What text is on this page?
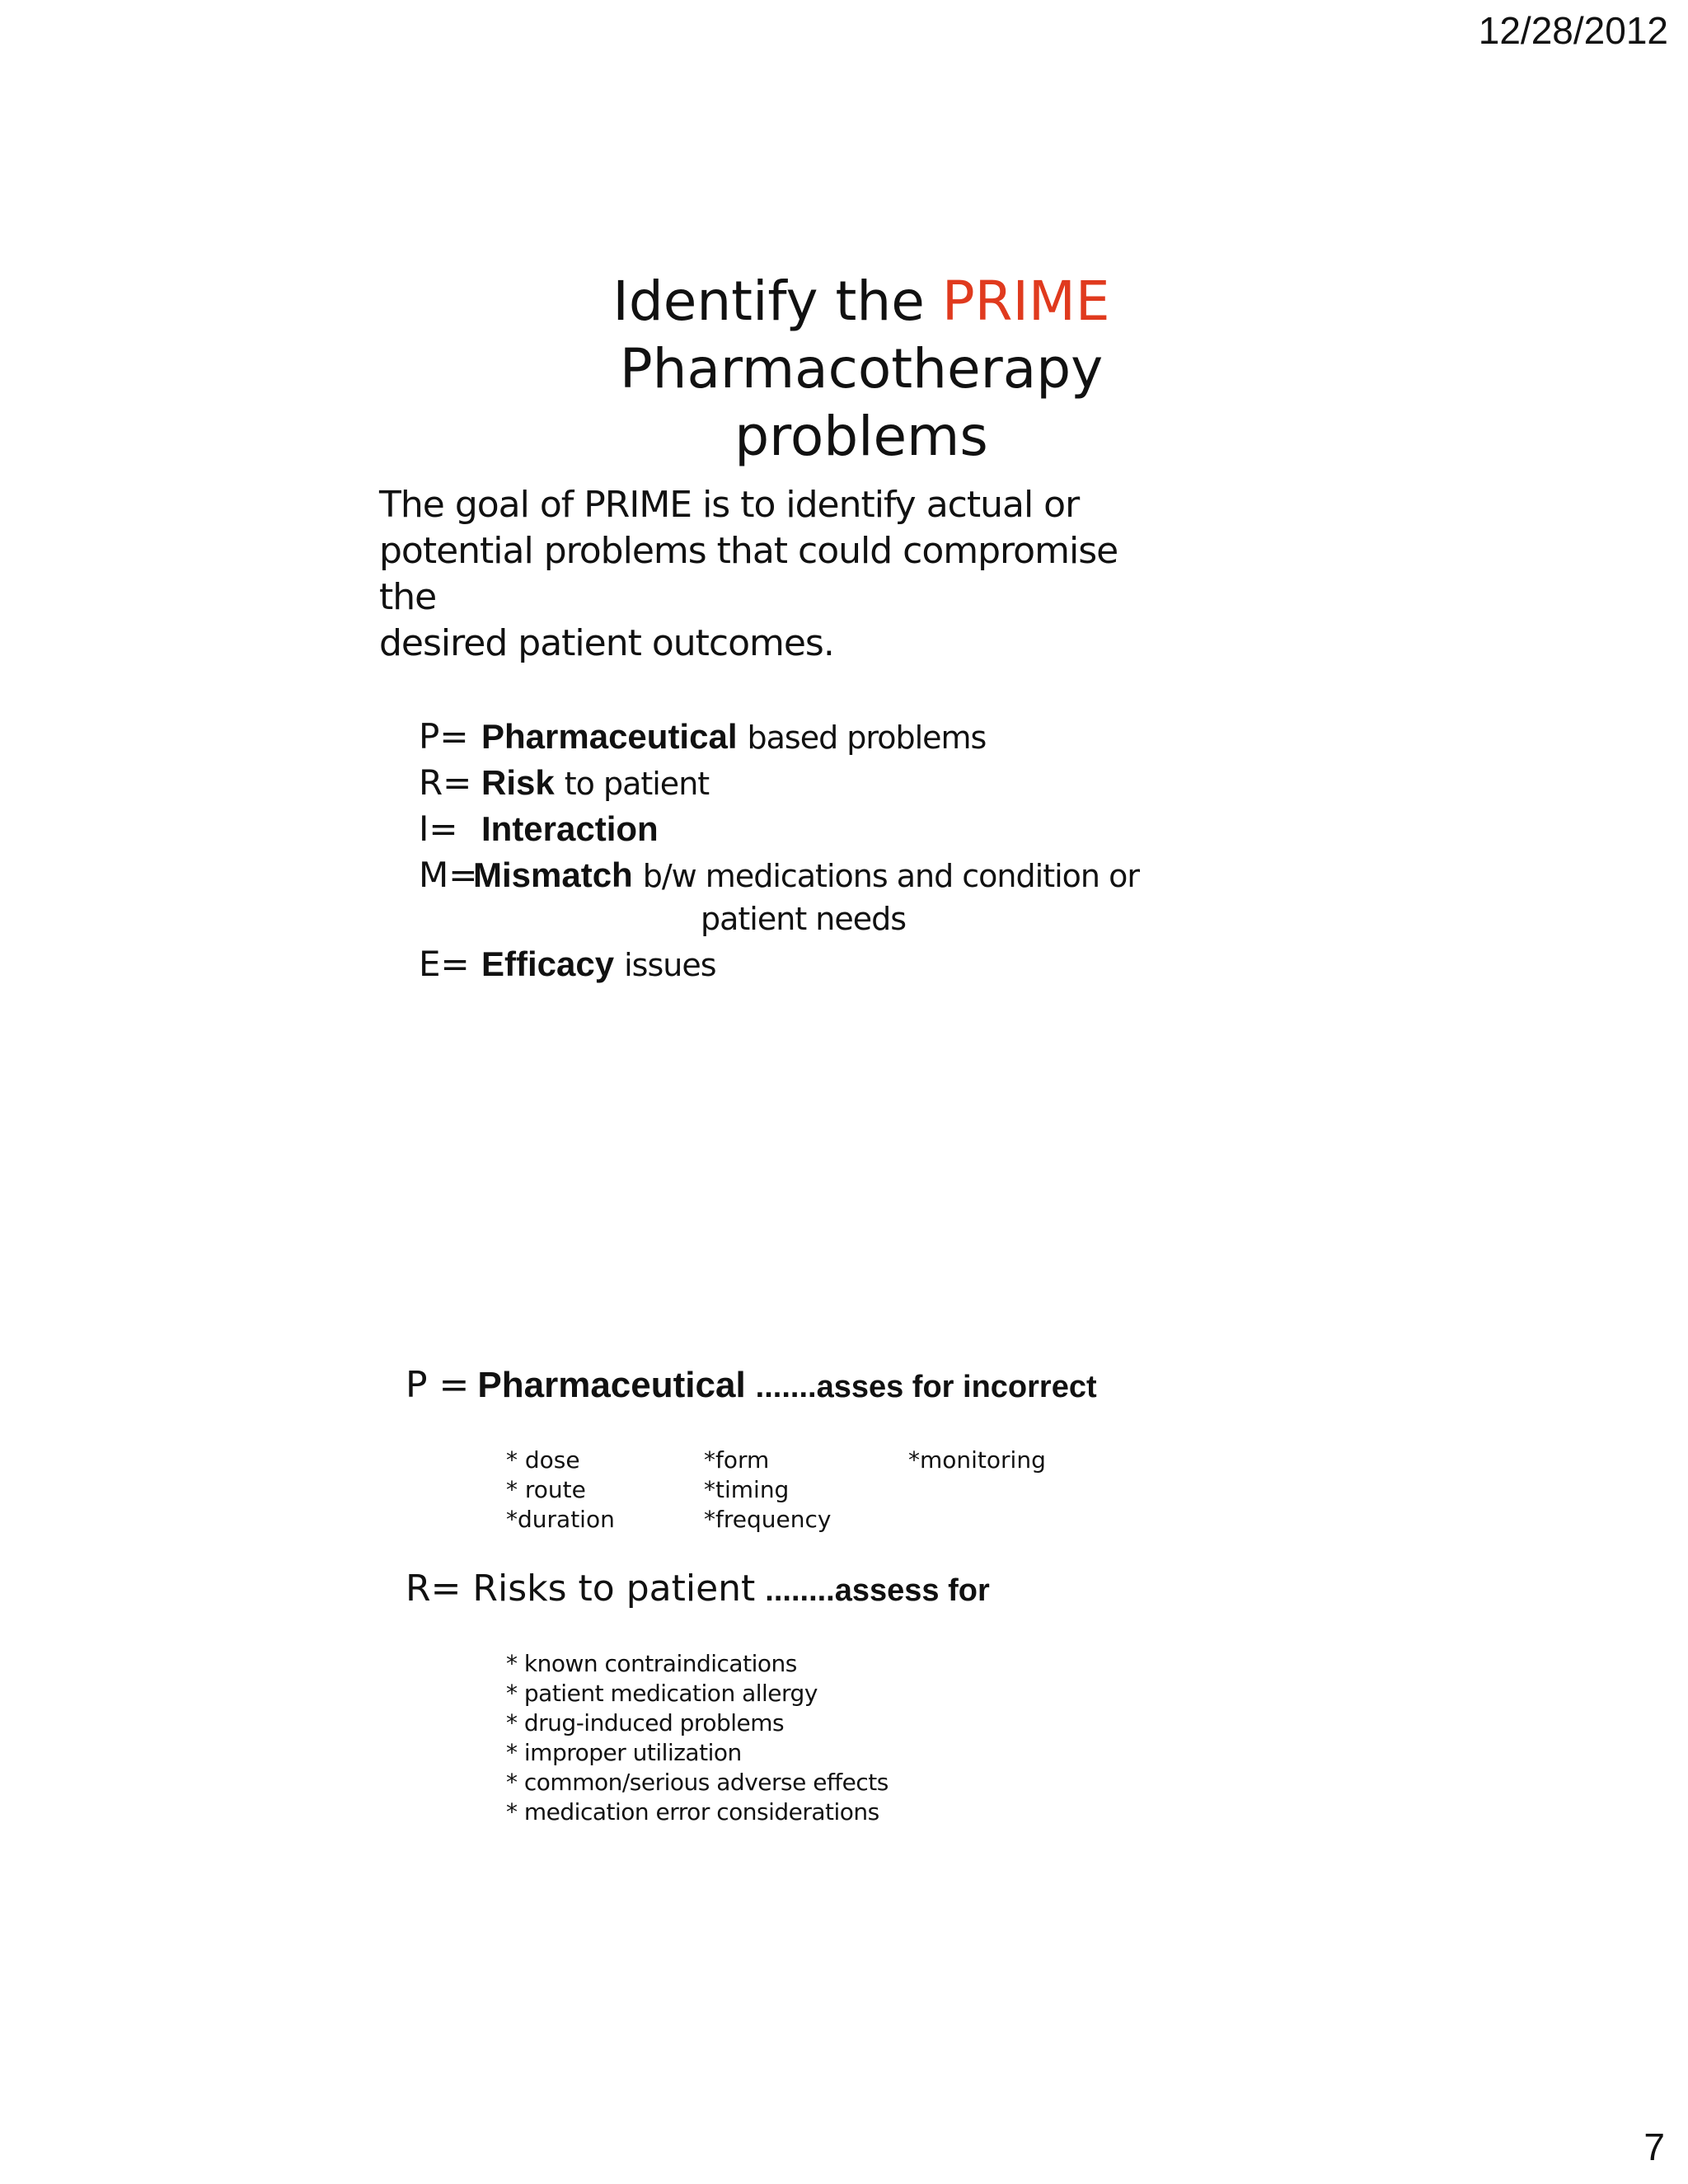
12/28/2012
Identify the PRIME Pharmacotherapy
problems
The goal of PRIME is to identify actual or
potential problems that could compromise the
desired patient outcomes.
P= Pharmaceutical based problems
R= Risk to patient
I= Interaction
M=
Mismatch b/w medications and condition or
patient needs
E= Efficacy issues
P = Pharmaceutical .......asses for incorrect
* dose	*form	*monitoring
* route	*timing
*duration	*frequency
R= Risks to patient ........assess for
* known contraindications
* patient medication allergy
* drug-induced problems
* improper utilization
* common/serious adverse effects
* medication error considerations
7
